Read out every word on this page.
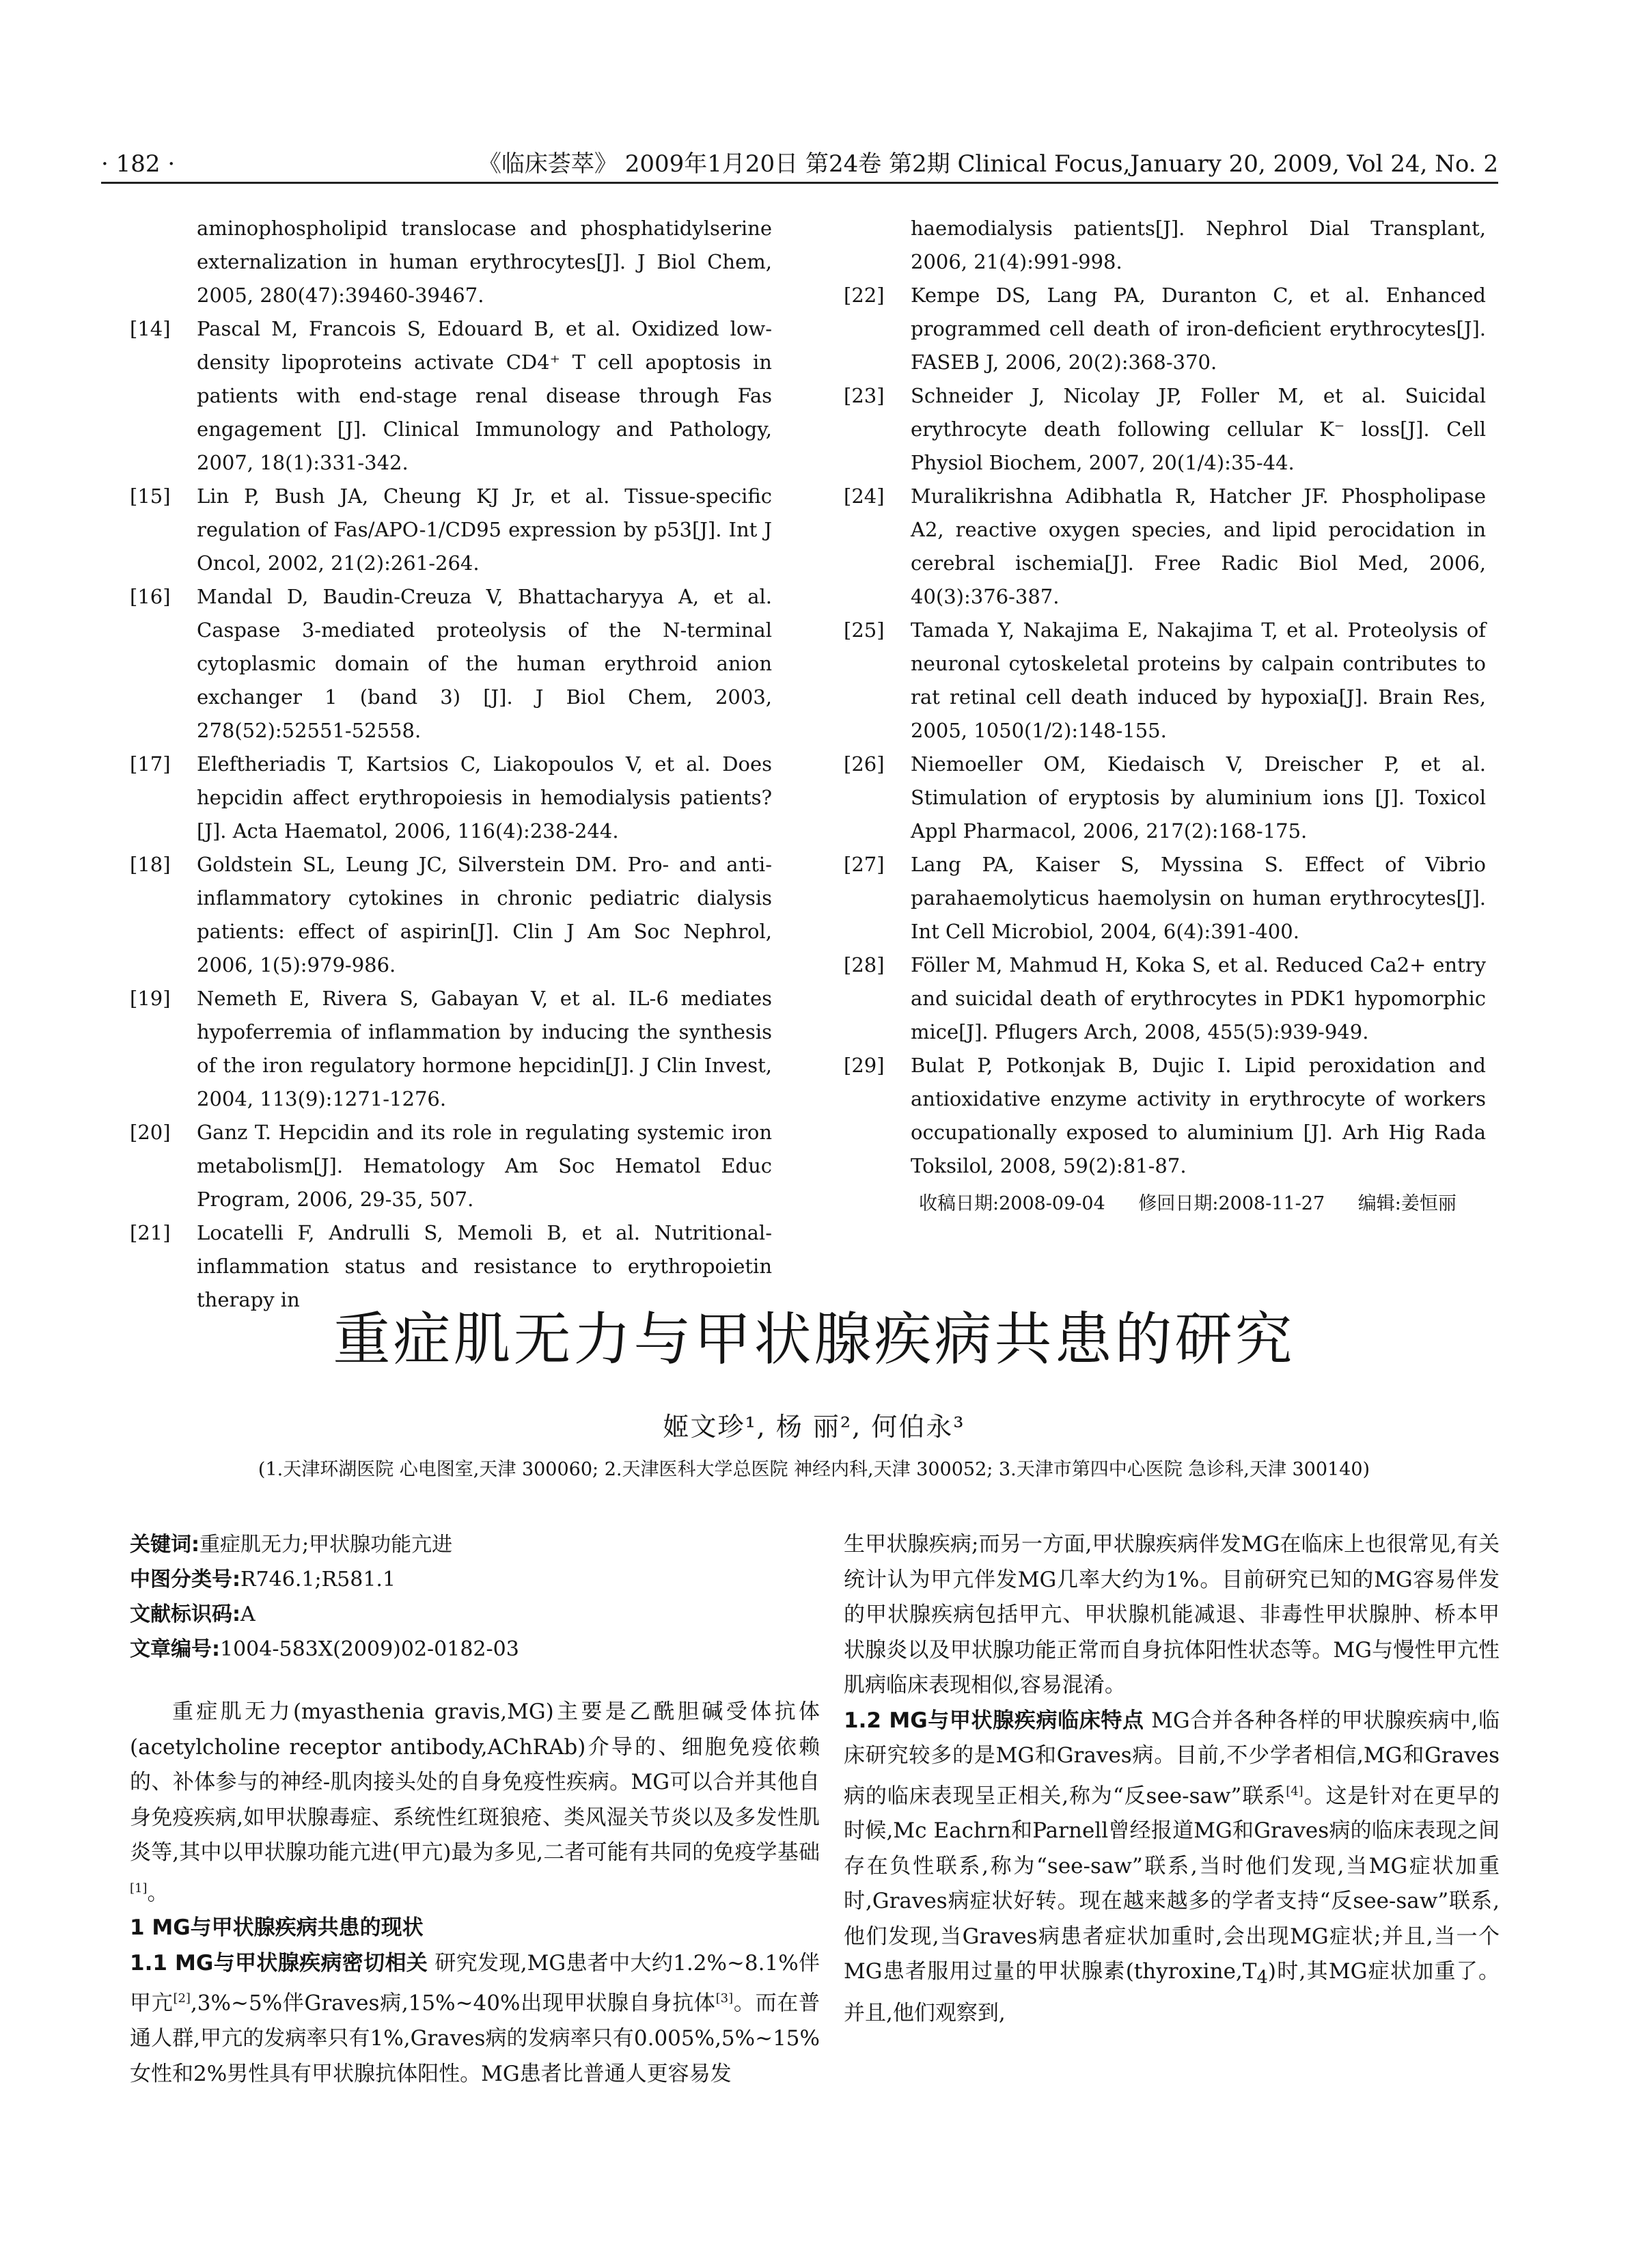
· 182 ·	《临床荟萃》 2009年1月20日 第24卷 第2期 Clinical Focus,January 20, 2009, Vol 24, No. 2
aminophospholipid translocase and phosphatidylserine externalization in human erythrocytes[J]. J Biol Chem, 2005, 280(47):39460-39467.
[14] Pascal M, Francois S, Edouard B, et al. Oxidized low-density lipoproteins activate CD4⁺ T cell apoptosis in patients with end-stage renal disease through Fas engagement [J]. Clinical Immunology and Pathology, 2007, 18(1):331-342.
[15] Lin P, Bush JA, Cheung KJ Jr, et al. Tissue-specific regulation of Fas/APO-1/CD95 expression by p53[J]. Int J Oncol, 2002, 21(2):261-264.
[16] Mandal D, Baudin-Creuza V, Bhattacharyya A, et al. Caspase 3-mediated proteolysis of the N-terminal cytoplasmic domain of the human erythroid anion exchanger 1 (band 3) [J]. J Biol Chem, 2003, 278(52):52551-52558.
[17] Eleftheriadis T, Kartsios C, Liakopoulos V, et al. Does hepcidin affect erythropoiesis in hemodialysis patients? [J]. Acta Haematol, 2006, 116(4):238-244.
[18] Goldstein SL, Leung JC, Silverstein DM. Pro- and anti-inflammatory cytokines in chronic pediatric dialysis patients: effect of aspirin[J]. Clin J Am Soc Nephrol, 2006, 1(5):979-986.
[19] Nemeth E, Rivera S, Gabayan V, et al. IL-6 mediates hypoferremia of inflammation by inducing the synthesis of the iron regulatory hormone hepcidin[J]. J Clin Invest, 2004, 113(9):1271-1276.
[20] Ganz T. Hepcidin and its role in regulating systemic iron metabolism[J]. Hematology Am Soc Hematol Educ Program, 2006, 29-35, 507.
[21] Locatelli F, Andrulli S, Memoli B, et al. Nutritional-inflammation status and resistance to erythropoietin therapy in
haemodialysis patients[J]. Nephrol Dial Transplant, 2006, 21(4):991-998.
[22] Kempe DS, Lang PA, Duranton C, et al. Enhanced programmed cell death of iron-deficient erythrocytes[J]. FASEB J, 2006, 20(2):368-370.
[23] Schneider J, Nicolay JP, Foller M, et al. Suicidal erythrocyte death following cellular K⁻ loss[J]. Cell Physiol Biochem, 2007, 20(1/4):35-44.
[24] Muralikrishna Adibhatla R, Hatcher JF. Phospholipase A2, reactive oxygen species, and lipid perocidation in cerebral ischemia[J]. Free Radic Biol Med, 2006, 40(3):376-387.
[25] Tamada Y, Nakajima E, Nakajima T, et al. Proteolysis of neuronal cytoskeletal proteins by calpain contributes to rat retinal cell death induced by hypoxia[J]. Brain Res, 2005, 1050(1/2):148-155.
[26] Niemoeller OM, Kiedaisch V, Dreischer P, et al. Stimulation of eryptosis by aluminium ions [J]. Toxicol Appl Pharmacol, 2006, 217(2):168-175.
[27] Lang PA, Kaiser S, Myssina S. Effect of Vibrio parahaemolyticus haemolysin on human erythrocytes[J]. Int Cell Microbiol, 2004, 6(4):391-400.
[28] Föller M, Mahmud H, Koka S, et al. Reduced Ca2+ entry and suicidal death of erythrocytes in PDK1 hypomorphic mice[J]. Pflugers Arch, 2008, 455(5):939-949.
[29] Bulat P, Potkonjak B, Dujic I. Lipid peroxidation and antioxidative enzyme activity in erythrocyte of workers occupationally exposed to aluminium [J]. Arh Hig Rada Toksilol, 2008, 59(2):81-87.
收稿日期:2008-09-04 修回日期:2008-11-27 编辑:姜恒丽
重症肌无力与甲状腺疾病共患的研究
姬文珍¹, 杨 丽², 何伯永³
(1.天津环湖医院 心电图室,天津 300060; 2.天津医科大学总医院 神经内科,天津 300052; 3.天津市第四中心医院 急诊科,天津 300140)
关键词:重症肌无力;甲状腺功能亢进
中图分类号:R746.1;R581.1
文献标识码:A
文章编号:1004-583X(2009)02-0182-03

重症肌无力(myasthenia gravis,MG)主要是乙酰胆碱受体抗体(acetylcholine receptor antibody,AChRAb)介导的、细胞免疫依赖的、补体参与的神经-肌肉接头处的自身免疫性疾病。MG可以合并其他自身免疫疾病,如甲状腺毒症、系统性红斑狼疮、类风湿关节炎以及多发性肌炎等,其中以甲状腺功能亢进(甲亢)最为多见,二者可能有共同的免疫学基础[1]。

1 MG与甲状腺疾病共患的现状

1.1 MG与甲状腺疾病密切相关 研究发现,MG患者中大约1.2%~8.1%伴甲亢[2],3%~5%伴Graves病,15%~40%出现甲状腺自身抗体[3]。而在普通人群,甲亢的发病率只有1%,Graves病的发病率只有0.005%,5%~15%女性和2%男性具有甲状腺抗体阳性。MG患者比普通人更容易发

生甲状腺疾病;而另一方面,甲状腺疾病伴发MG在临床上也很常见,有关统计认为甲亢伴发MG几率大约为1%。目前研究已知的MG容易伴发的甲状腺疾病包括甲亢、甲状腺机能减退、非毒性甲状腺肿、桥本甲状腺炎以及甲状腺功能正常而自身抗体阳性状态等。MG与慢性甲亢性肌病临床表现相似,容易混淆。

1.2 MG与甲状腺疾病临床特点 MG合并各种各样的甲状腺疾病中,临床研究较多的是MG和Graves病。目前,不少学者相信,MG和Graves病的临床表现呈正相关,称为“反see-saw”联系[4]。这是针对在更早的时候,Mc Eachrn和Parnell曾经报道MG和Graves病的临床表现之间存在负性联系,称为“see-saw”联系,当时他们发现,当MG症状加重时,Graves病症状好转。现在越来越多的学者支持“反see-saw”联系,他们发现,当Graves病患者症状加重时,会出现MG症状;并且,当一个MG患者服用过量的甲状腺素$(thyroxine,T_4)$时,其MG症状加重了。并且,他们观察到,
